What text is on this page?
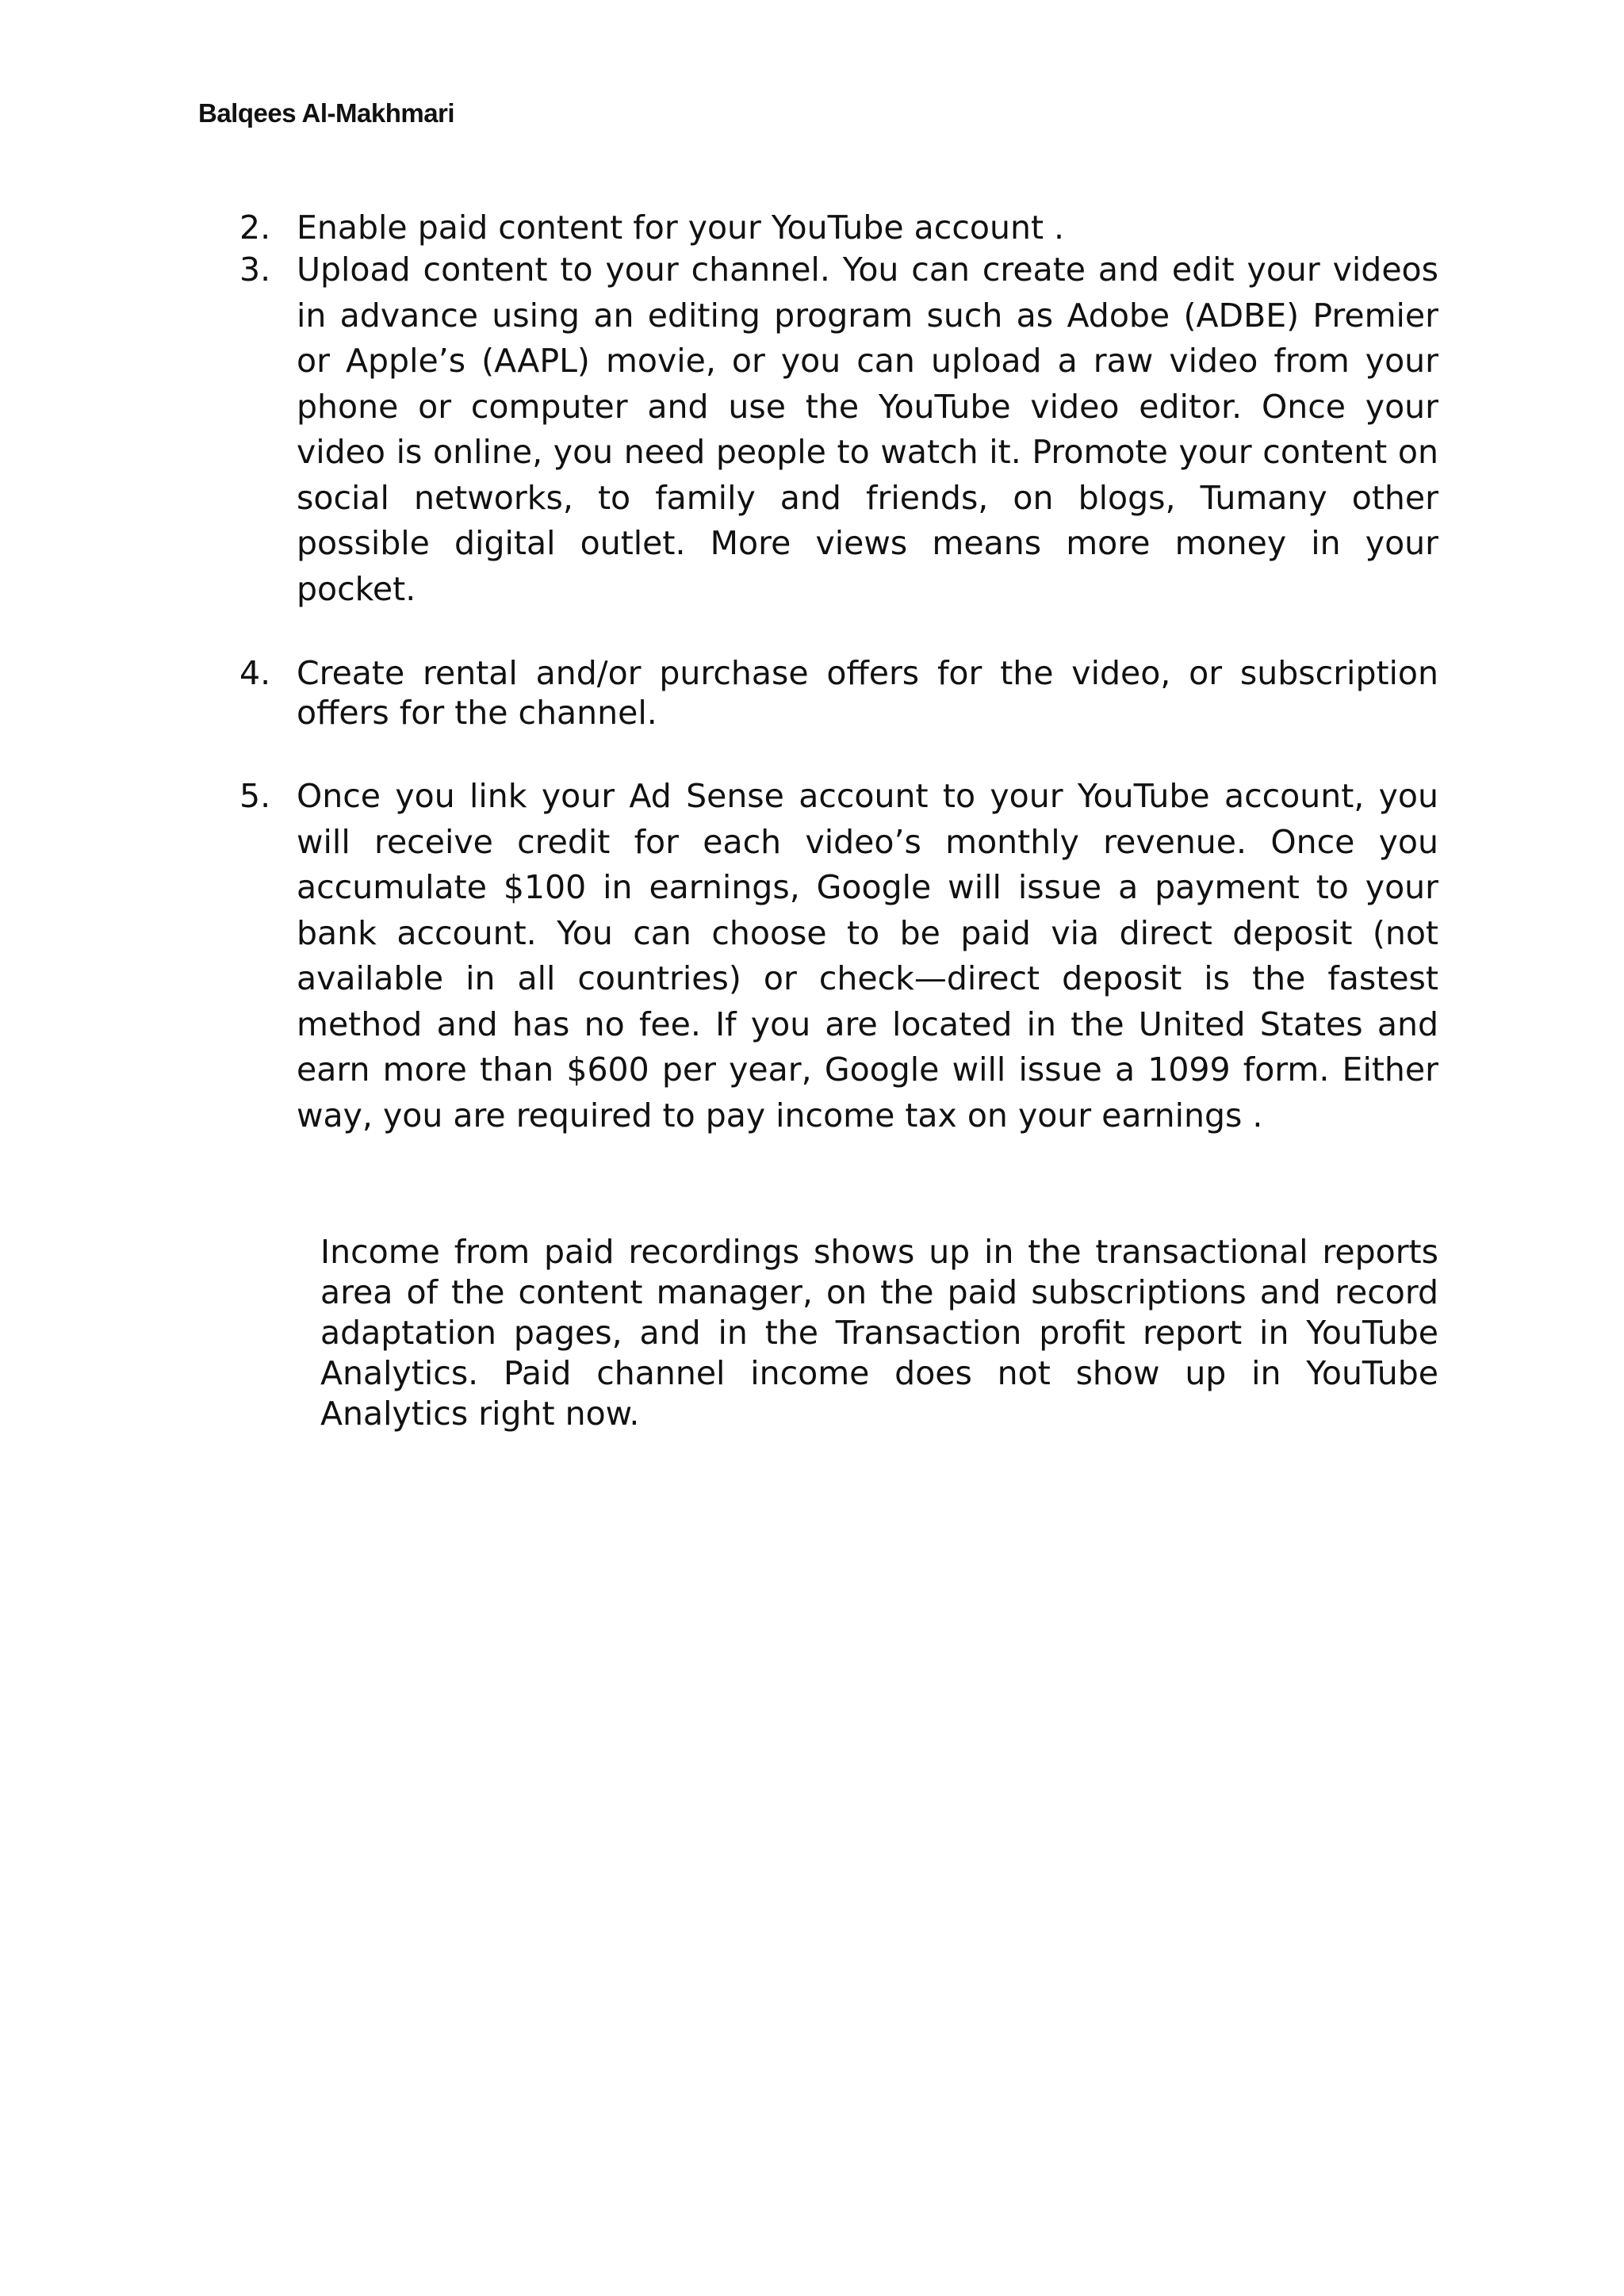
Balqees Al-Makhmari
2. Enable paid content for your YouTube account .
3. Upload content to your channel. You can create and edit your videos in advance using an editing program such as Adobe (ADBE) Premier or Apple’s (AAPL) movie, or you can upload a raw video from your phone or computer and use the YouTube video editor. Once your video is online, you need people to watch it. Promote your content on social networks, to family and friends, on blogs, Tumany other possible digital outlet. More views means more money in your pocket.
4. Create rental and/or purchase offers for the video, or subscription offers for the channel.
5. Once you link your Ad Sense account to your YouTube account, you will receive credit for each video’s monthly revenue. Once you accumulate $100 in earnings, Google will issue a payment to your bank account. You can choose to be paid via direct deposit (not available in all countries) or check—direct deposit is the fastest method and has no fee. If you are located in the United States and earn more than $600 per year, Google will issue a 1099 form. Either way, you are required to pay income tax on your earnings .

Income from paid recordings shows up in the transactional reports area of the content manager, on the paid subscriptions and record adaptation pages, and in the Transaction profit report in YouTube Analytics. Paid channel income does not show up in YouTube Analytics right now.
